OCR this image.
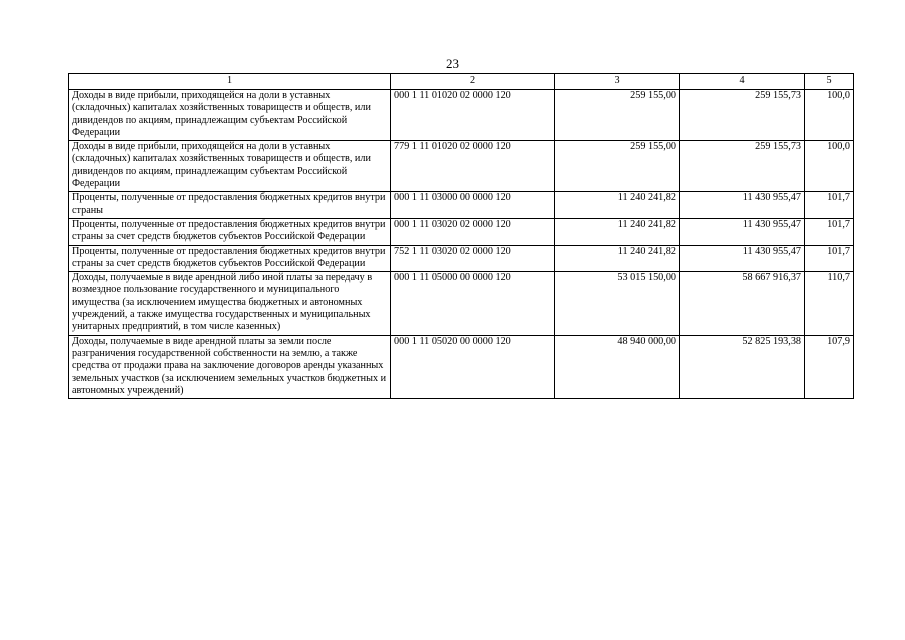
23
1	2	3	4	5
Доходы в виде прибыли, приходящейся на доли в уставных (складочных) капиталах хозяйственных товариществ и обществ, или дивидендов по акциям, принадлежащим субъектам Российской Федерации	000 1 11 01020 02 0000 120	259 155,00	259 155,73	100,0
Доходы в виде прибыли, приходящейся на доли в уставных (складочных) капиталах хозяйственных товариществ и обществ, или дивидендов по акциям, принадлежащим субъектам Российской Федерации	779 1 11 01020 02 0000 120	259 155,00	259 155,73	100,0
Проценты, полученные от предоставления бюджетных кредитов внутри страны	000 1 11 03000 00 0000 120	11 240 241,82	11 430 955,47	101,7
Проценты, полученные от предоставления бюджетных кредитов внутри страны за счет средств бюджетов субъектов Российской Федерации	000 1 11 03020 02 0000 120	11 240 241,82	11 430 955,47	101,7
Проценты, полученные от предоставления бюджетных кредитов внутри страны за счет средств бюджетов субъектов Российской Федерации	752 1 11 03020 02 0000 120	11 240 241,82	11 430 955,47	101,7
Доходы, получаемые в виде арендной либо иной платы за передачу в возмездное пользование государственного и муниципального имущества (за исключением имущества бюджетных и автономных учреждений, а также имущества государственных и муниципальных унитарных предприятий, в том числе казенных)	000 1 11 05000 00 0000 120	53 015 150,00	58 667 916,37	110,7
Доходы, получаемые в виде арендной платы за земли после разграничения государственной собственности на землю, а также средства от продажи права на заключение договоров аренды указанных земельных участков (за исключением земельных участков бюджетных и автономных учреждений)	000 1 11 05020 00 0000 120	48 940 000,00	52 825 193,38	107,9
